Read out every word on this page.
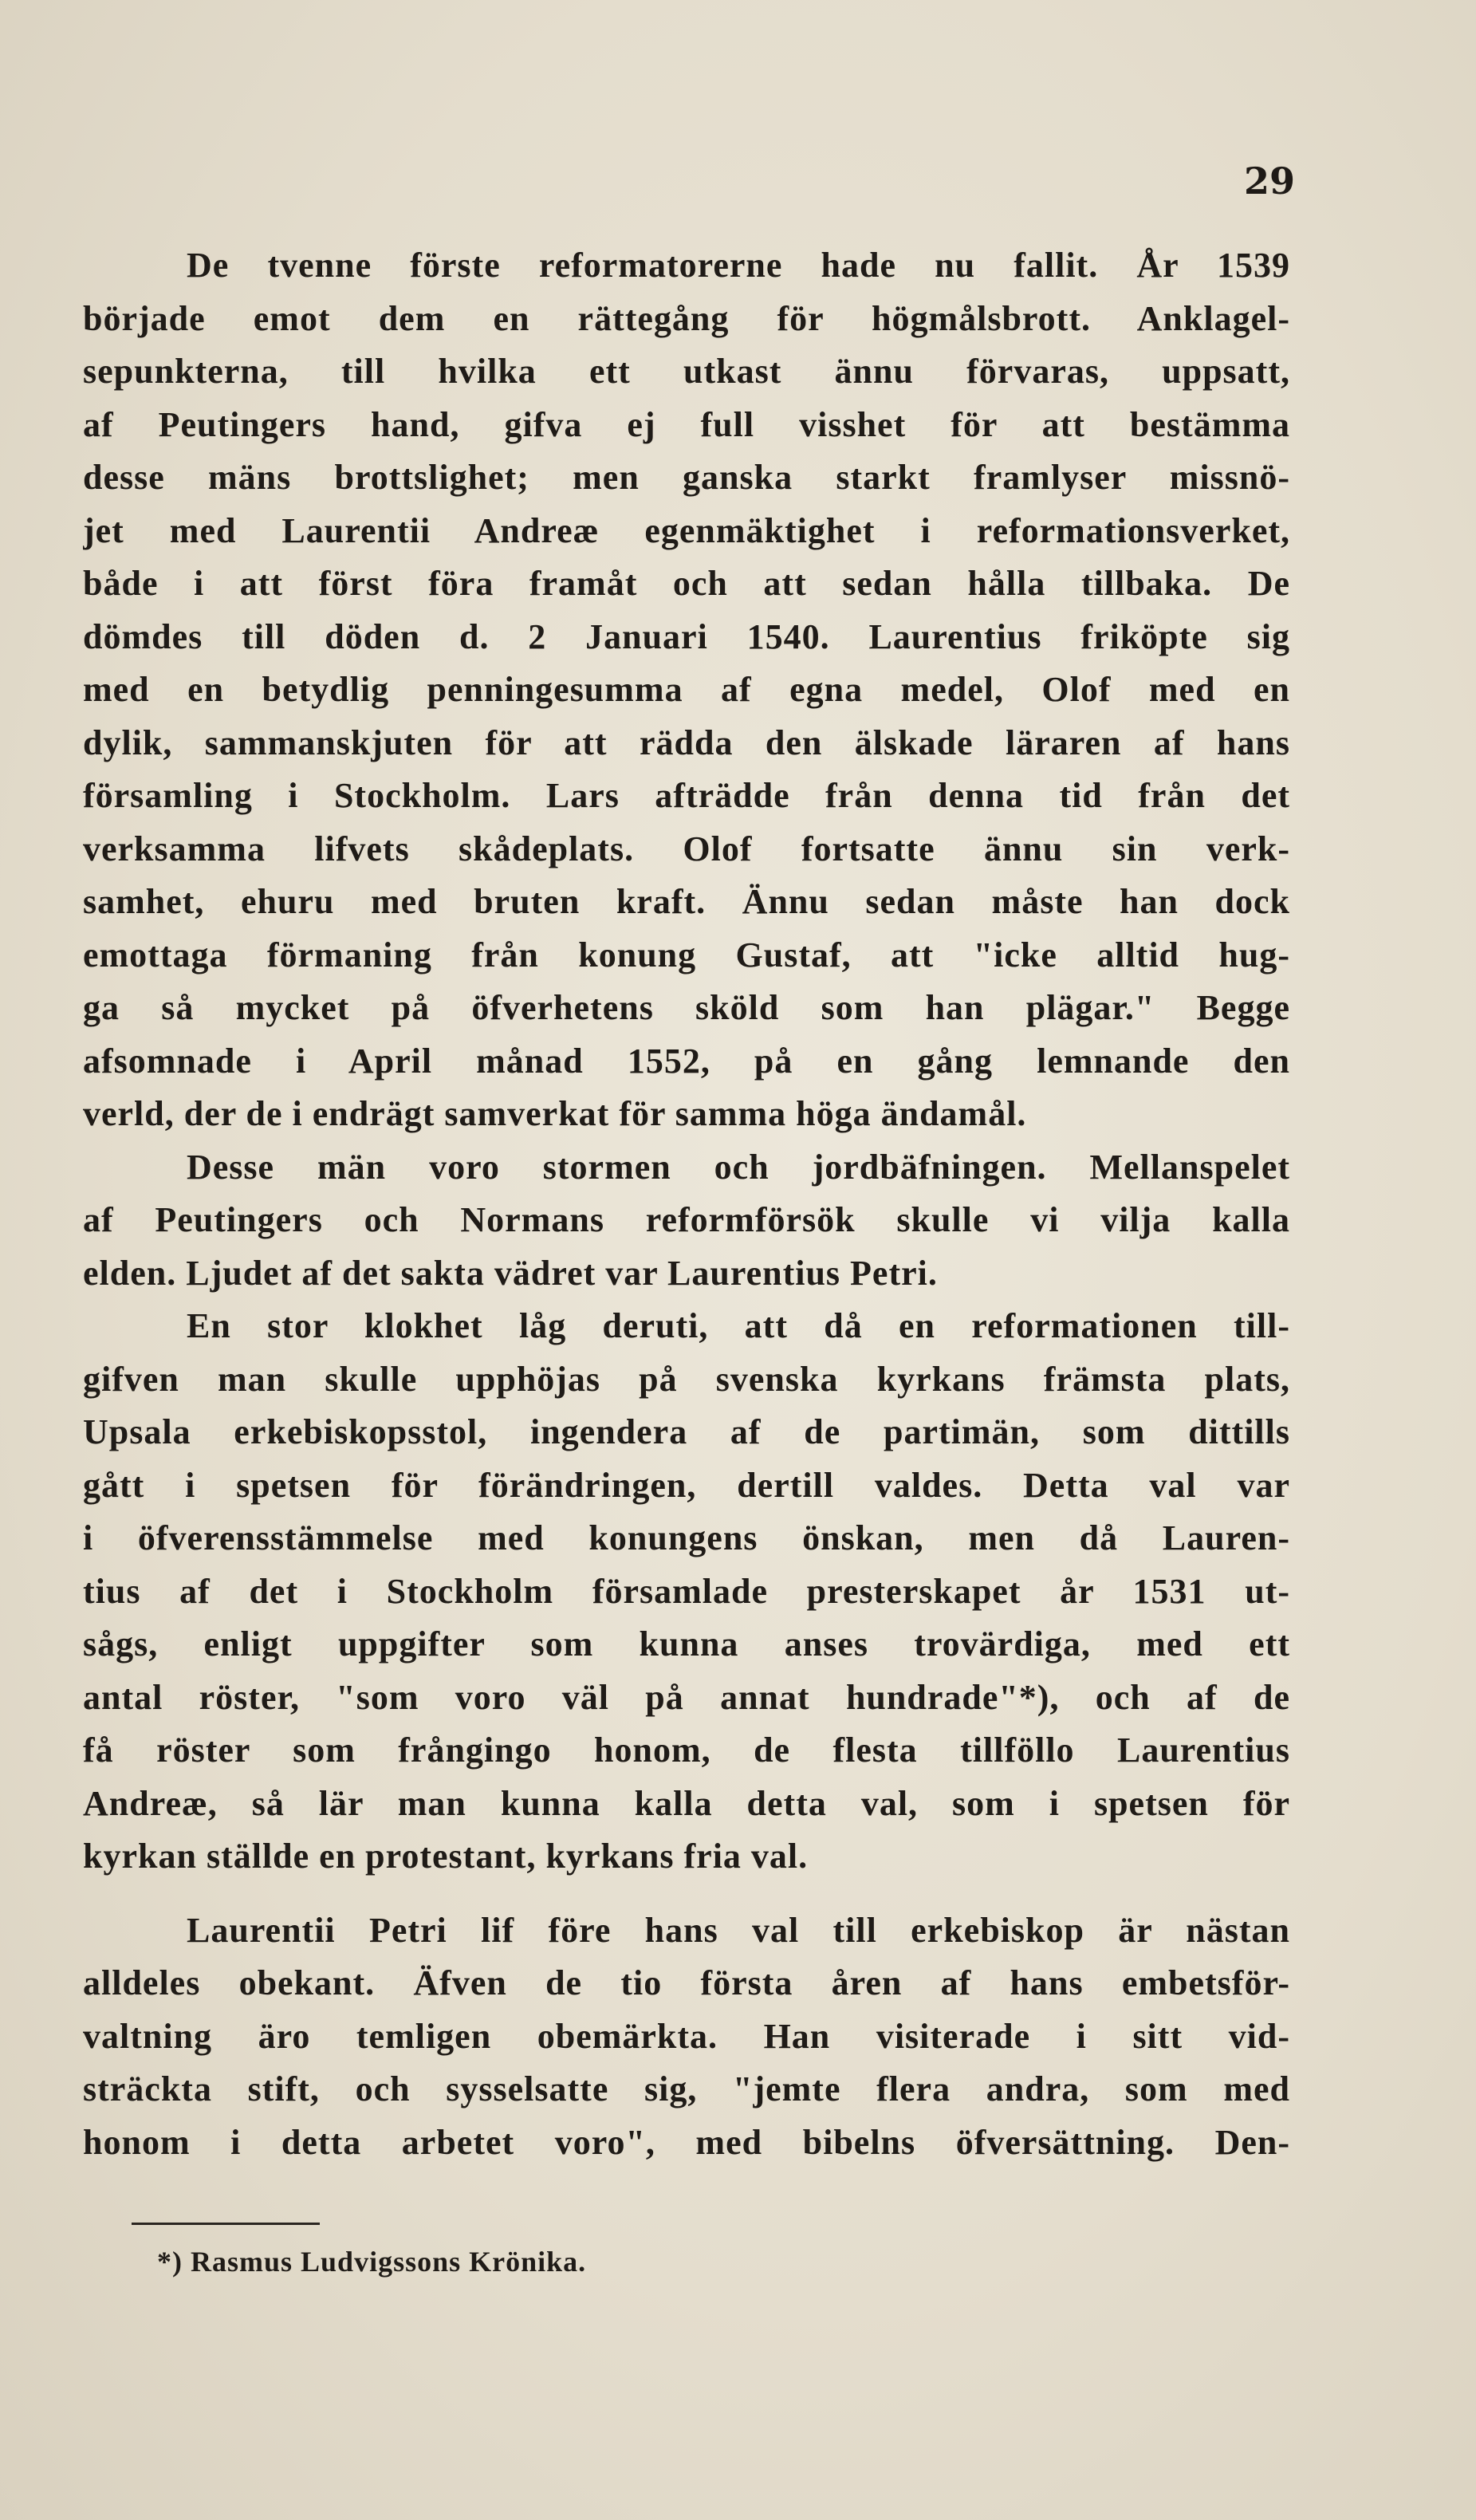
29
De tvenne förste reformatorerne hade nu fallit. År 1539
började emot dem en rättegång för högmålsbrott. Anklagel-
sepunkterna, till hvilka ett utkast ännu förvaras, uppsatt,
af Peutingers hand, gifva ej full visshet för att bestämma
desse mäns brottslighet; men ganska starkt framlyser missnö-
jet med Laurentii Andreæ egenmäktighet i reformationsverket,
både i att först föra framåt och att sedan hålla tillbaka. De
dömdes till döden d. 2 Januari 1540. Laurentius friköpte sig
med en betydlig penningesumma af egna medel, Olof med en
dylik, sammanskjuten för att rädda den älskade läraren af hans
församling i Stockholm. Lars afträdde från denna tid från det
verksamma lifvets skådeplats. Olof fortsatte ännu sin verk-
samhet, ehuru med bruten kraft. Ännu sedan måste han dock
emottaga förmaning från konung Gustaf, att "icke alltid hug-
ga så mycket på öfverhetens sköld som han plägar." Begge
afsomnade i April månad 1552, på en gång lemnande den
verld, der de i endrägt samverkat för samma höga ändamål.
Desse män voro stormen och jordbäfningen. Mellanspelet
af Peutingers och Normans reformförsök skulle vi vilja kalla
elden. Ljudet af det sakta vädret var Laurentius Petri.
En stor klokhet låg deruti, att då en reformationen till-
gifven man skulle upphöjas på svenska kyrkans främsta plats,
Upsala erkebiskopsstol, ingendera af de partimän, som dittills
gått i spetsen för förändringen, dertill valdes. Detta val var
i öfverensstämmelse med konungens önskan, men då Lauren-
tius af det i Stockholm församlade presterskapet år 1531 ut-
sågs, enligt uppgifter som kunna anses trovärdiga, med ett
antal röster, "som voro väl på annat hundrade"*), och af de
få röster som frångingo honom, de flesta tillföllo Laurentius
Andreæ, så lär man kunna kalla detta val, som i spetsen för
kyrkan ställde en protestant, kyrkans fria val.
Laurentii Petri lif före hans val till erkebiskop är nästan
alldeles obekant. Äfven de tio första åren af hans embetsför-
valtning äro temligen obemärkta. Han visiterade i sitt vid-
sträckta stift, och sysselsatte sig, "jemte flera andra, som med
honom i detta arbetet voro", med bibelns öfversättning. Den-
*) Rasmus Ludvigssons Krönika.
